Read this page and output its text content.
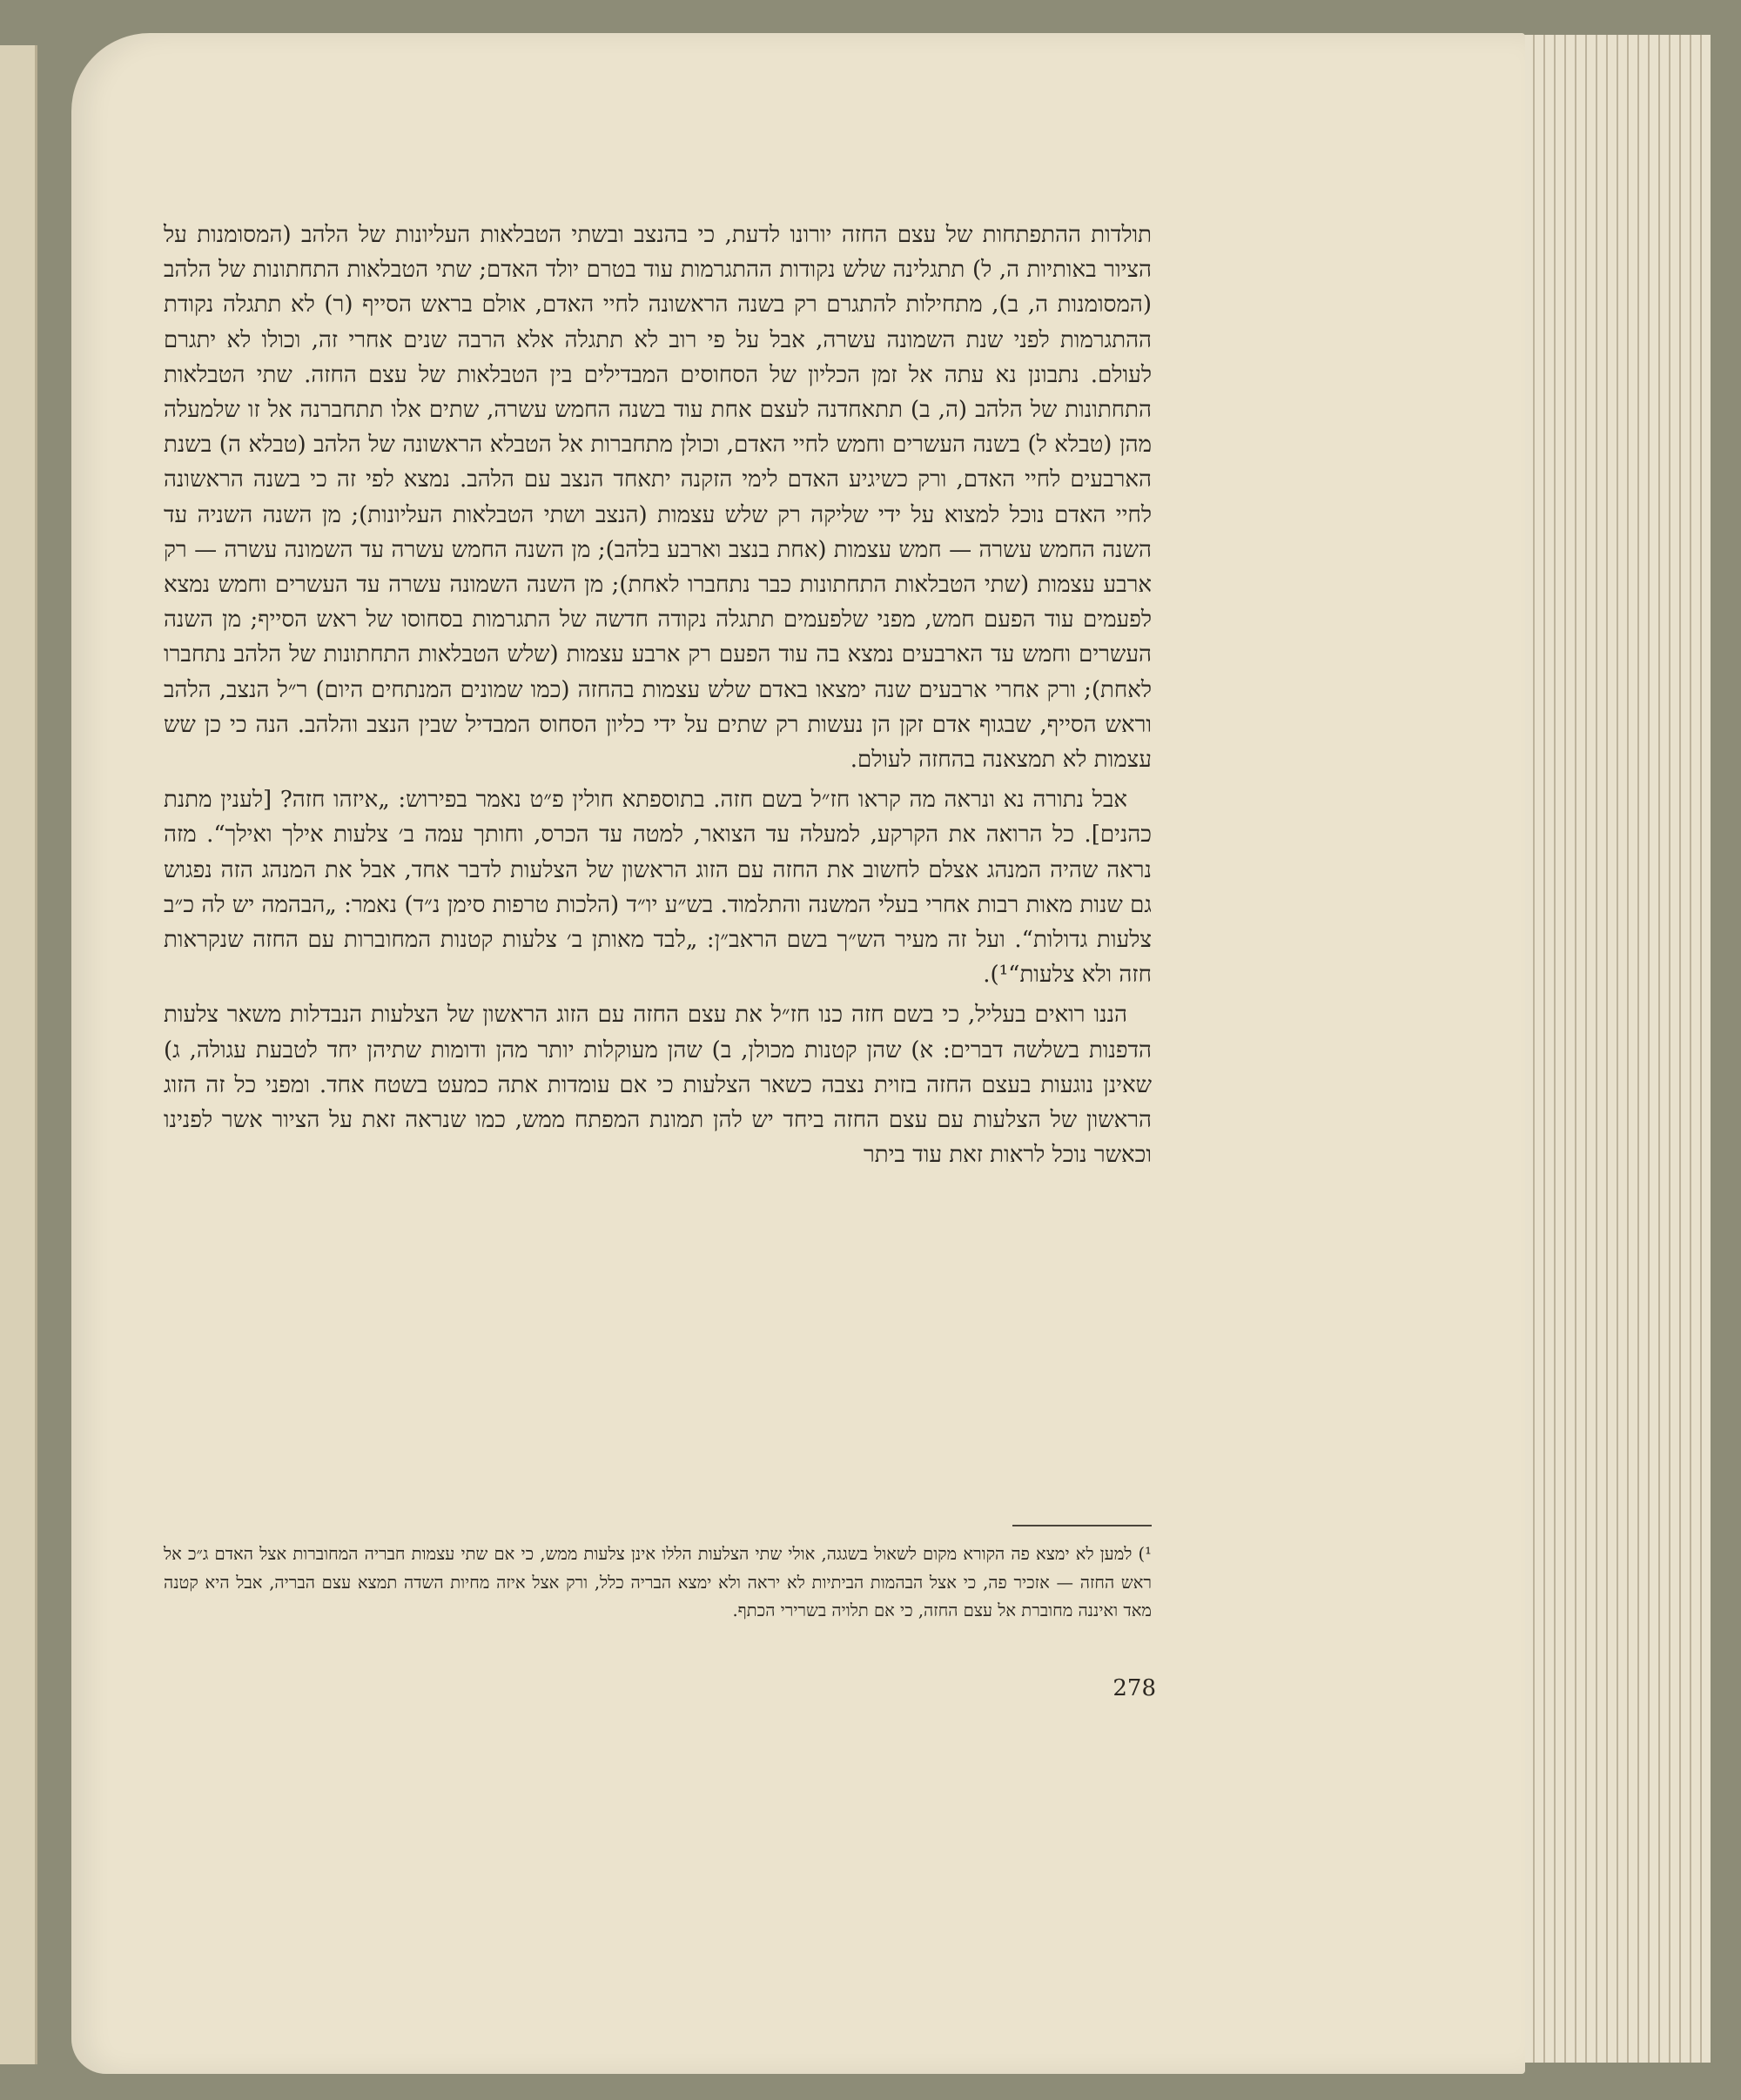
תולדות ההתפתחות של עצם החזה יורונו לדעת, כי בהנצב ובשתי הטבלאות העליונות של הלהב (המסומנות על הציור באותיות ה, ל) תתגלינה שלש נקודות ההתגרמות עוד בטרם יולד האדם; שתי הטבלאות התחתונות של הלהב (המסומנות ה, ב), מתחילות להתגרם רק בשנה הראשונה לחיי האדם, אולם בראש הסייף (ר) לא תתגלה נקודת ההתגרמות לפני שנת השמונה עשרה, אבל על פי רוב לא תתגלה אלא הרבה שנים אחרי זה, וכולו לא יתגרם לעולם. נתבונן נא עתה אל זמן הכליון של הסחוסים המבדילים בין הטבלאות של עצם החזה. שתי הטבלאות התחתונות של הלהב (ה, ב) תתאחדנה לעצם אחת עוד בשנה החמש עשרה, שתים אלו תתחברנה אל זו שלמעלה מהן (טבלא ל) בשנה העשרים וחמש לחיי האדם, וכולן מתחברות אל הטבלא הראשונה של הלהב (טבלא ה) בשנת הארבעים לחיי האדם, ורק כשיגיע האדם לימי הזקנה יתאחד הנצב עם הלהב. נמצא לפי זה כי בשנה הראשונה לחיי האדם נוכל למצוא על ידי שליקה רק שלש עצמות (הנצב ושתי הטבלאות העליונות); מן השנה השניה עד השנה החמש עשרה — חמש עצמות (אחת בנצב וארבע בלהב); מן השנה החמש עשרה עד השמונה עשרה — רק ארבע עצמות (שתי הטבלאות התחתונות כבר נתחברו לאחת); מן השנה השמונה עשרה עד העשרים וחמש נמצא לפעמים עוד הפעם חמש, מפני שלפעמים תתגלה נקודה חדשה של התגרמות בסחוסו של ראש הסייף; מן השנה העשרים וחמש עד הארבעים נמצא בה עוד הפעם רק ארבע עצמות (שלש הטבלאות התחתונות של הלהב נתחברו לאחת); ורק אחרי ארבעים שנה ימצאו באדם שלש עצמות בהחזה (כמו שמונים המנתחים היום) ר״ל הנצב, הלהב וראש הסייף, שבגוף אדם זקן הן נעשות רק שתים על ידי כליון הסחוס המבדיל שבין הנצב והלהב. הנה כי כן שש עצמות לא תמצאנה בהחזה לעולם.

אבל נתורה נא ונראה מה קראו חז״ל בשם חזה. בתוספתא חולין פ״ט נאמר בפירוש: „איזהו חזה? [לענין מתנת כהנים]. כל הרואה את הקרקע, למעלה עד הצואר, למטה עד הכרס, וחותך עמה ב׳ צלעות אילך ואילך“. מזה נראה שהיה המנהג אצלם לחשוב את החזה עם הזוג הראשון של הצלעות לדבר אחד, אבל את המנהג הזה נפגוש גם שנות מאות רבות אחרי בעלי המשנה והתלמוד. בש״ע יו״ד (הלכות טרפות סימן נ״ד) נאמר: „הבהמה יש לה כ״ב צלעות גדולות“. ועל זה מעיר הש״ך בשם הראב״ן: „לבד מאותן ב׳ צלעות קטנות המחוברות עם החזה שנקראות חזה ולא צלעות“¹).

הננו רואים בעליל, כי בשם חזה כנו חז״ל את עצם החזה עם הזוג הראשון של הצלעות הנבדלות משאר צלעות הדפנות בשלשה דברים: א) שהן קטנות מכולן, ב) שהן מעוקלות יותר מהן ודומות שתיהן יחד לטבעת עגולה, ג) שאינן נוגעות בעצם החזה בזוית נצבה כשאר הצלעות כי אם עומדות אתה כמעט בשטח אחד. ומפני כל זה הזוג הראשון של הצלעות עם עצם החזה ביחד יש להן תמונת המפתח ממש, כמו שנראה זאת על הציור אשר לפנינו וכאשר נוכל לראות זאת עוד ביתר

¹) למען לא ימצא פה הקורא מקום לשאול בשגגה, אולי שתי הצלעות הללו אינן צלעות ממש, כי אם שתי עצמות חבריה המחוברות אצל האדם ג״כ אל ראש החזה — אזכיר פה, כי אצל הבהמות הביתיות לא יראה ולא ימצא הבריה כלל, ורק אצל איזה מחיות השדה תמצא עצם הבריה, אבל היא קטנה מאד ואיננה מחוברת אל עצם החזה, כי אם תלויה בשרירי הכתף.
278
